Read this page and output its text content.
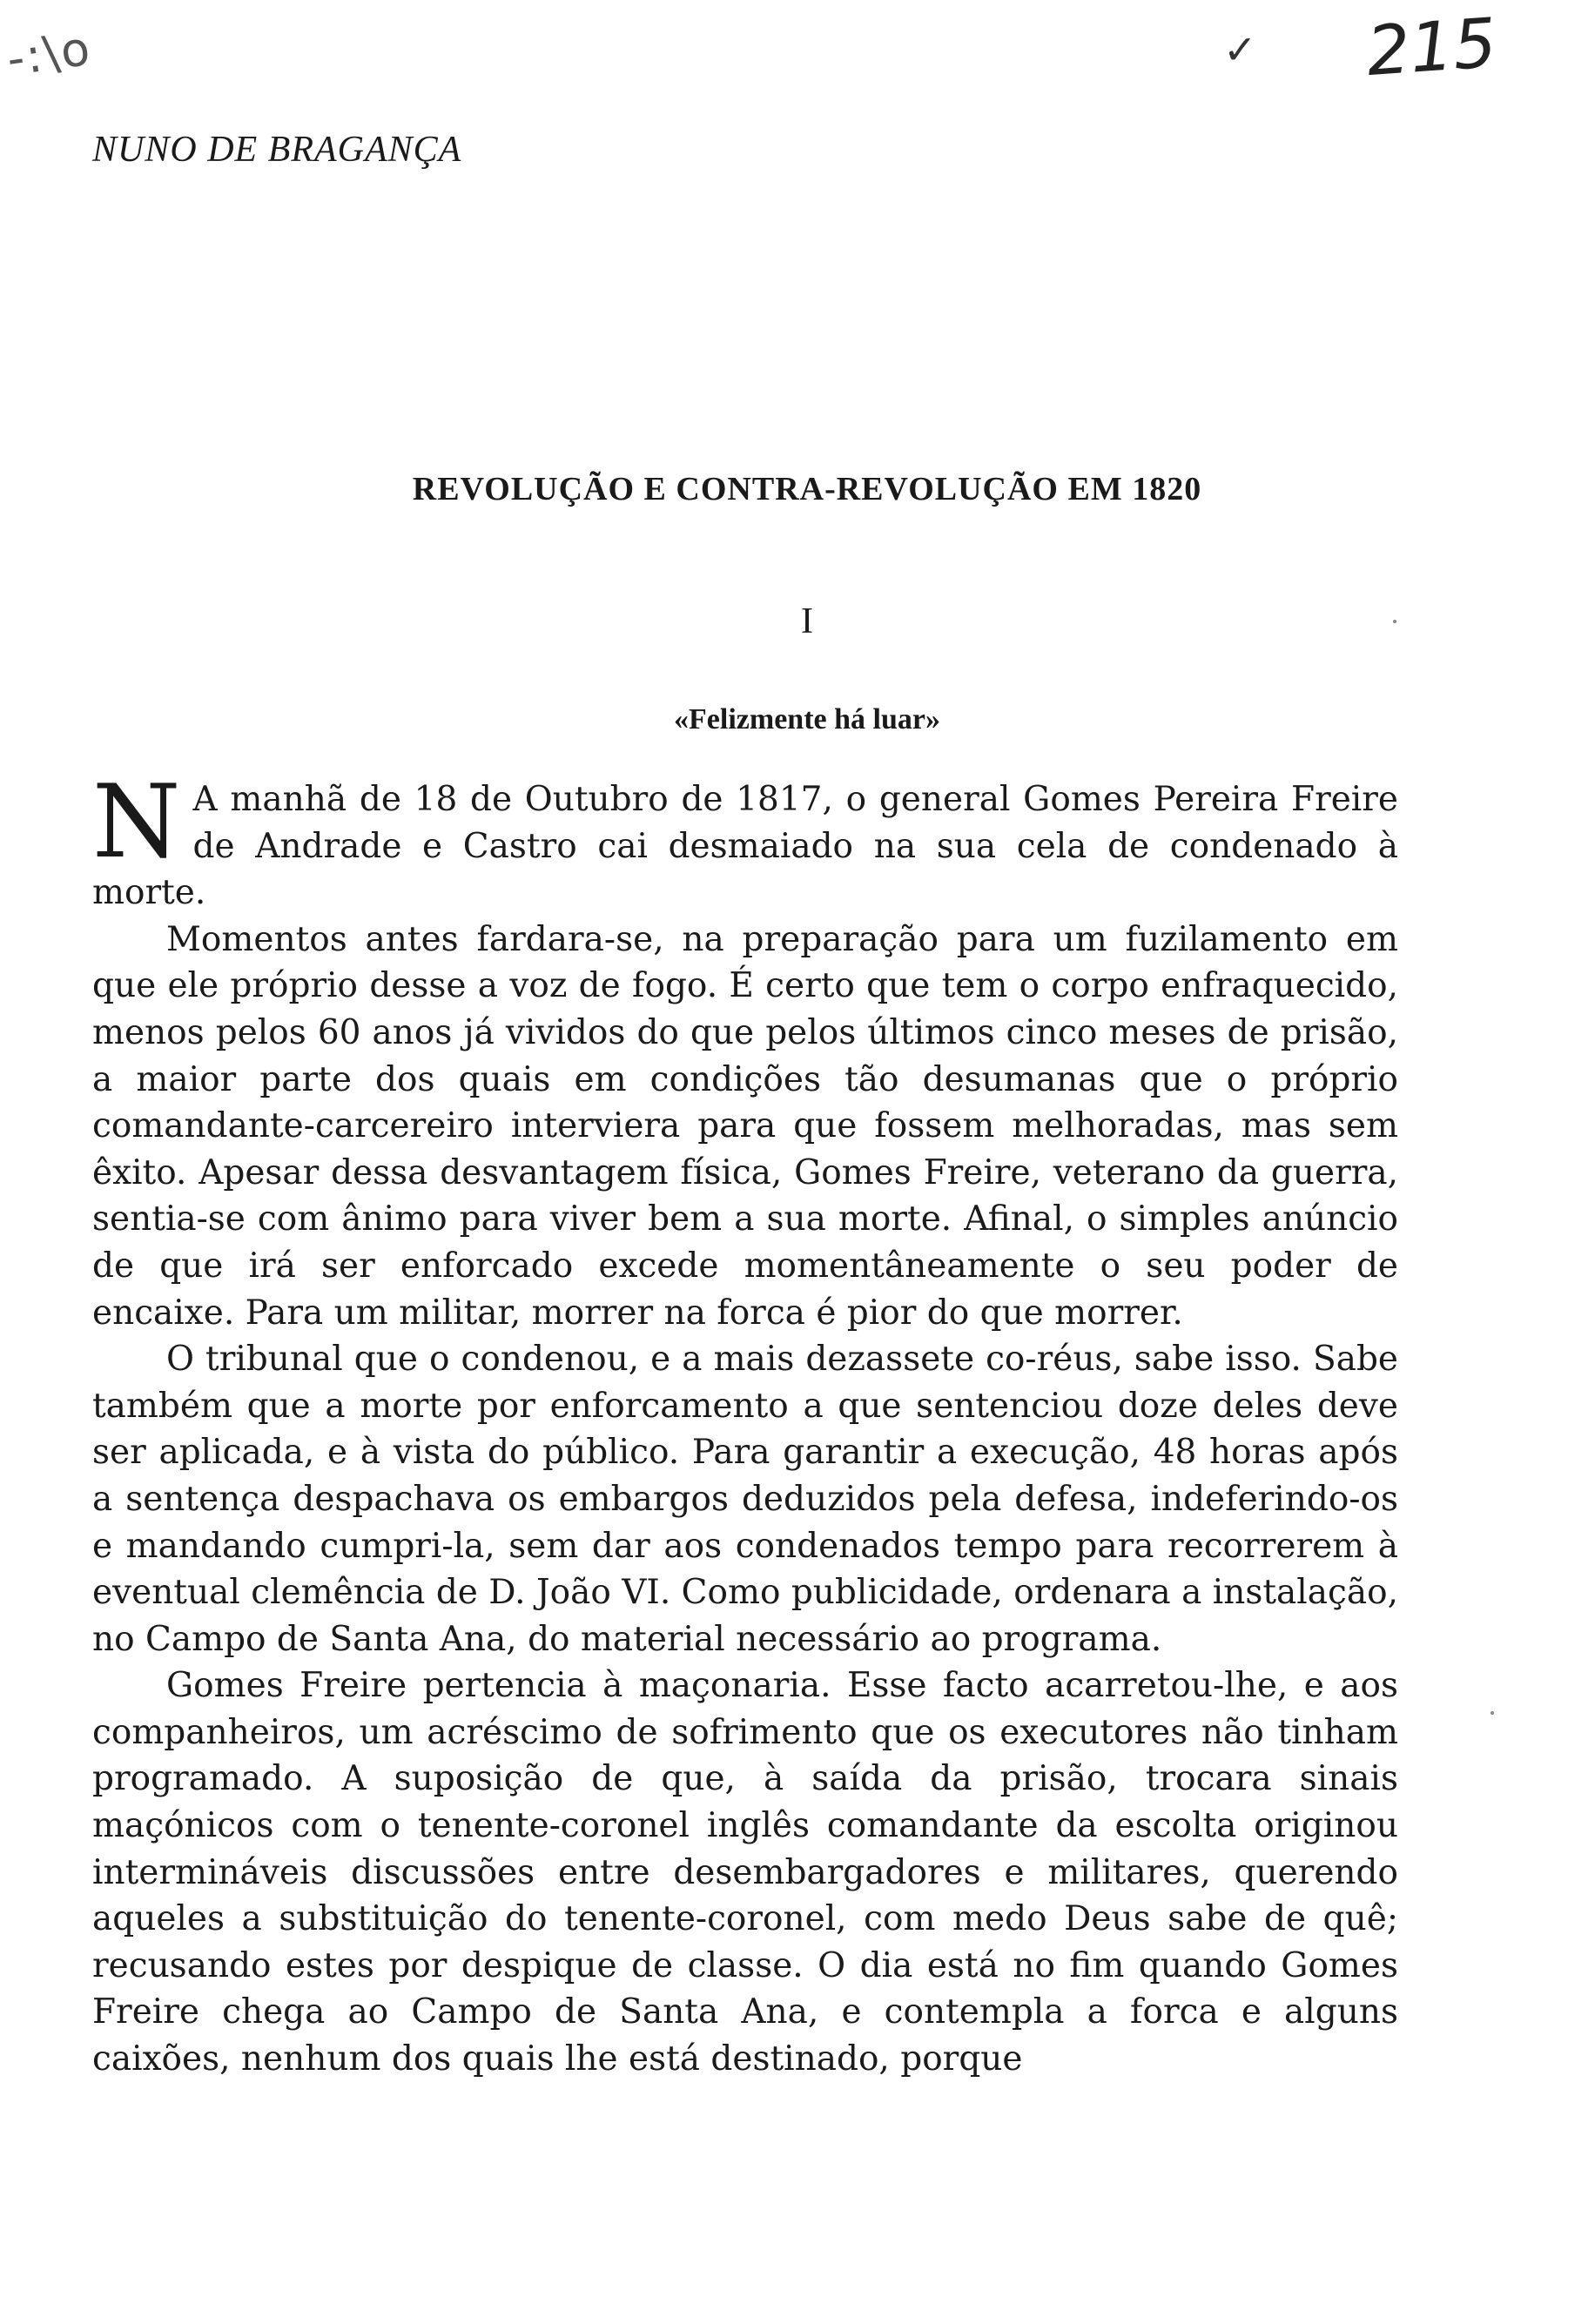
-:\o	✓ 215
NUNO DE BRAGANÇA
REVOLUÇÃO E CONTRA-REVOLUÇÃO EM 1820
I
«Felizmente há luar»

N A manhã de 18 de Outubro de 1817, o general Gomes Pereira Freire de Andrade e Castro cai desmaiado na sua cela de condenado à morte.

Momentos antes fardara-se, na preparação para um fuzilamento em que ele próprio desse a voz de fogo. É certo que tem o corpo enfraquecido, menos pelos 60 anos já vividos do que pelos últimos cinco meses de prisão, a maior parte dos quais em condições tão desumanas que o próprio comandante-carcereiro interviera para que fossem melhoradas, mas sem êxito. Apesar dessa desvantagem física, Gomes Freire, veterano da guerra, sentia-se com ânimo para viver bem a sua morte. Afinal, o simples anúncio de que irá ser enforcado excede momentâneamente o seu poder de encaixe. Para um militar, morrer na forca é pior do que morrer.

O tribunal que o condenou, e a mais dezassete co-réus, sabe isso. Sabe também que a morte por enforcamento a que sentenciou doze deles deve ser aplicada, e à vista do público. Para garantir a execução, 48 horas após a sentença despachava os embargos deduzidos pela defesa, indeferindo-os e mandando cumpri-la, sem dar aos condenados tempo para recorrerem à eventual clemência de D. João VI. Como publicidade, ordenara a instalação, no Campo de Santa Ana, do material necessário ao programa.

Gomes Freire pertencia à maçonaria. Esse facto acarretou-lhe, e aos companheiros, um acréscimo de sofrimento que os executores não tinham programado. A suposição de que, à saída da prisão, trocara sinais maçónicos com o tenente-coronel inglês comandante da escolta originou intermináveis discussões entre desembargadores e militares, querendo aqueles a substituição do tenente-coronel, com medo Deus sabe de quê; recusando estes por despique de classe. O dia está no fim quando Gomes Freire chega ao Campo de Santa Ana, e contempla a forca e alguns caixões, nenhum dos quais lhe está destinado, porque
